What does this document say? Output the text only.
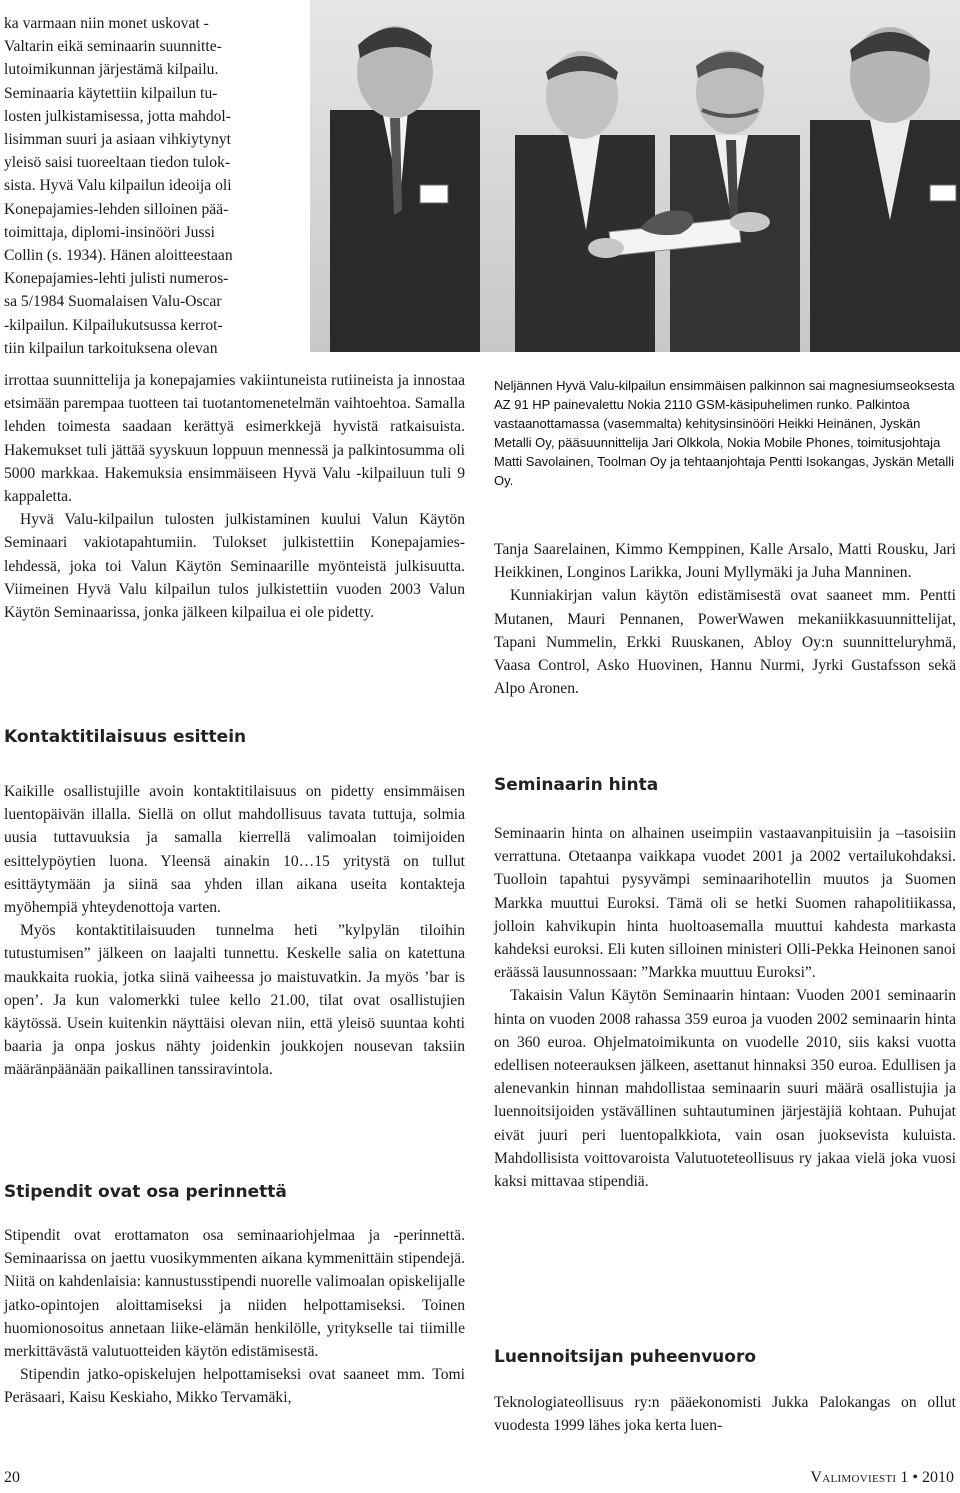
ka varmaan niin monet uskovat -
Valtarin eikä seminaarin suunnitte-
lutoimikunnan järjestämä kilpailu.
Seminaaria käytettiin kilpailun tu-
losten julkistamisessa, jotta mahdol-
lisimman suuri ja asiaan vihkiytynyt
yleisö saisi tuoreeltaan tiedon tulok-
sista. Hyvä Valu kilpailun ideoija oli
Konepajamies-lehden silloinen pää-
toimittaja, diplomi-insinööri Jussi
Collin (s. 1934). Hänen aloitteestaan
Konepajamies-lehti julisti numeros-
sa 5/1984 Suomalaisen Valu-Oscar
-kilpailun. Kilpailukutsussa kerrot-
tiin kilpailun tarkoituksena olevan

irrottaa suunnittelija ja konepajamies vakiintuneista rutiineista ja innostaa etsimään parempaa tuotteen tai tuotantomenetelmän vaihtoehtoa. Samalla lehden toimesta saadaan kerättyä esimerkkejä hyvistä ratkaisuista. Hakemukset tuli jättää syyskuun loppuun mennessä ja palkintosumma oli 5000 markkaa. Hakemuksia ensimmäiseen Hyvä Valu -kilpailuun tuli 9 kappaletta.

Hyvä Valu-kilpailun tulosten julkistaminen kuului Valun Käytön Seminaari vakiotapahtumiin. Tulokset julkistettiin Konepajamies-lehdessä, joka toi Valun Käytön Seminaarille myönteistä julkisuutta. Viimeinen Hyvä Valu kilpailun tulos julkistettiin vuoden 2003 Valun Käytön Seminaarissa, jonka jälkeen kilpailua ei ole pidetty.

Kontaktitilaisuus esittein

Kaikille osallistujille avoin kontaktitilaisuus on pidetty ensimmäisen luentopäivän illalla. Siellä on ollut mahdollisuus tavata tuttuja, solmia uusia tuttavuuksia ja samalla kierrellä valimoalan toimijoiden esittelypöytien luona. Yleensä ainakin 10…15 yritystä on tullut esittäytymään ja siinä saa yhden illan aikana useita kontakteja myöhempiä yhteydenottoja varten.

Myös kontaktitilaisuuden tunnelma heti ”kylpylän tiloihin tutustumisen” jälkeen on laajalti tunnettu. Keskelle salia on katettuna maukkaita ruokia, jotka siinä vaiheessa jo maistuvatkin. Ja myös ’bar is open’. Ja kun valomerkki tulee kello 21.00, tilat ovat osallistujien käytössä. Usein kuitenkin näyttäisi olevan niin, että yleisö suuntaa kohti baaria ja onpa joskus nähty joidenkin joukkojen nousevan taksiin määränpäänään paikallinen tanssiravintola.

Stipendit ovat osa perinnettä

Stipendit ovat erottamaton osa seminaariohjelmaa ja -perinnettä. Seminaarissa on jaettu vuosikymmenten aikana kymmenittäin stipendejä. Niitä on kahdenlaisia: kannustusstipendi nuorelle valimoalan opiskelijalle jatko-opintojen aloittamiseksi ja niiden helpottamiseksi. Toinen huomionosoitus annetaan liike-elämän henkilölle, yritykselle tai tiimille merkittävästä valutuotteiden käytön edistämisestä.

Stipendin jatko-opiskelujen helpottamiseksi ovat saaneet mm. Tomi Peräsaari, Kaisu Keskiaho, Mikko Tervamäki,

Neljännen Hyvä Valu-kilpailun ensimmäisen palkinnon sai magnesiumseoksesta AZ 91 HP painevalettu Nokia 2110 GSM-käsipuhelimen runko. Palkintoa vastaanottamassa (vasemmalta) kehitysinsinööri Heikki Heinänen, Jyskän Metalli Oy, pääsuunnittelija Jari Olkkola, Nokia Mobile Phones, toimitusjohtaja Matti Savolainen, Toolman Oy ja tehtaanjohtaja Pentti Isokangas, Jyskän Metalli Oy.

Tanja Saarelainen, Kimmo Kemppinen, Kalle Arsalo, Matti Rousku, Jari Heikkinen, Longinos Larikka, Jouni Myllymäki ja Juha Manninen.

Kunniakirjan valun käytön edistämisestä ovat saaneet mm. Pentti Mutanen, Mauri Pennanen, PowerWawen mekaniikkasuunnittelijat, Tapani Nummelin, Erkki Ruuskanen, Abloy Oy:n suunnitteluryhmä, Vaasa Control, Asko Huovinen, Hannu Nurmi, Jyrki Gustafsson sekä Alpo Aronen.

Seminaarin hinta

Seminaarin hinta on alhainen useimpiin vastaavanpituisiin ja –tasoisiin verrattuna. Otetaanpa vaikkapa vuodet 2001 ja 2002 vertailukohdaksi. Tuolloin tapahtui pysyvämpi seminaarihotellin muutos ja Suomen Markka muuttui Euroksi. Tämä oli se hetki Suomen rahapolitiikassa, jolloin kahvikupin hinta huoltoasemalla muuttui kahdesta markasta kahdeksi euroksi. Eli kuten silloinen ministeri Olli-Pekka Heinonen sanoi eräässä lausunnossaan: ”Markka muuttuu Euroksi”.

Takaisin Valun Käytön Seminaarin hintaan: Vuoden 2001 seminaarin hinta on vuoden 2008 rahassa 359 euroa ja vuoden 2002 seminaarin hinta on 360 euroa. Ohjelmatoimikunta on vuodelle 2010, siis kaksi vuotta edellisen noteerauksen jälkeen, asettanut hinnaksi 350 euroa. Edullisen ja alenevankin hinnan mahdollistaa seminaarin suuri määrä osallistujia ja luennoitsijoiden ystävällinen suhtautuminen järjestäjiä kohtaan. Puhujat eivät juuri peri luentopalkkiota, vain osan juoksevista kuluista. Mahdollisista voittovaroista Valutuoteteollisuus ry jakaa vielä joka vuosi kaksi mittavaa stipendiä.

Luennoitsijan puheenvuoro

Teknologiateollisuus ry:n pääekonomisti Jukka Palokangas on ollut vuodesta 1999 lähes joka kerta luen-

20	Valimoviesti 1 • 2010
